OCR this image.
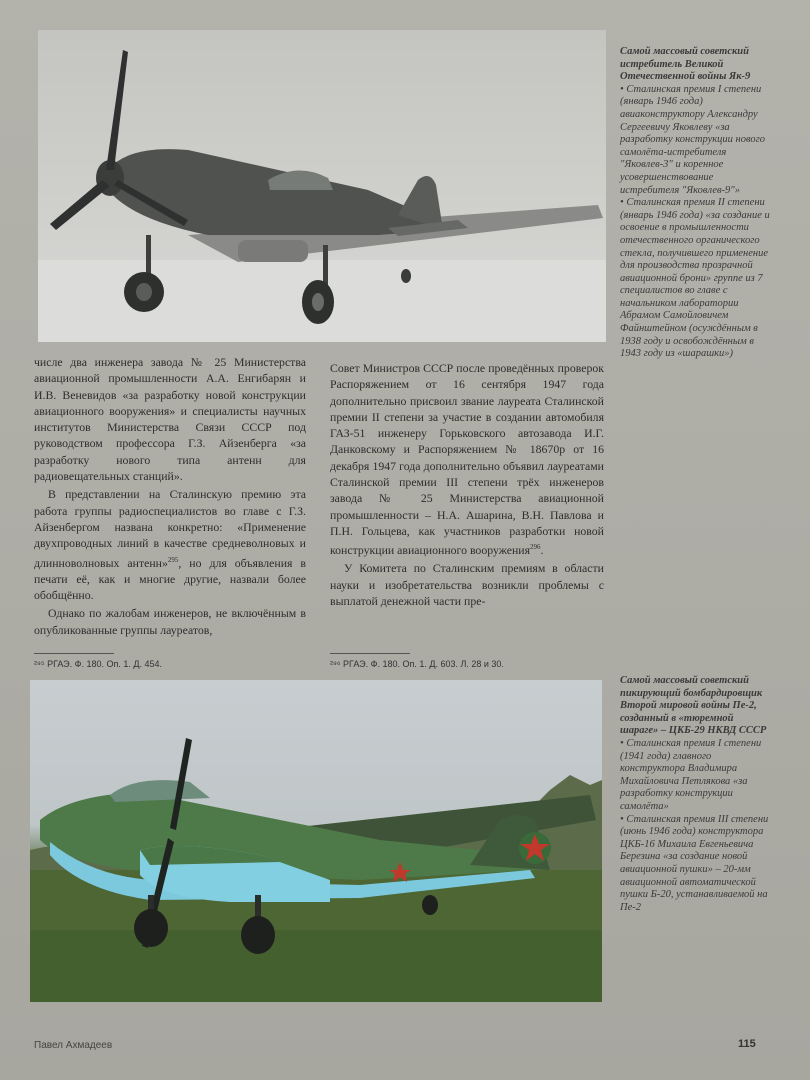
Самой массовый советский истребитель Великой Отечественной войны Як-9
• Сталинская премия I степени (январь 1946 года) авиаконструктору Александру Сергеевичу Яковлеву «за разработку конструкции нового самолёта-истребителя "Яковлев-3" и коренное усовершенствование истребителя "Яковлев-9"»
• Сталинская премия II степени (январь 1946 года) «за создание и освоение в промышленности отечественного органического стекла, получившего применение для производства прозрачной авиационной брони» группе из 7 специалистов во главе с начальником лаборатории Абрамом Самойловичем Файнштейном (осуждённым в 1938 году и освобождённым в 1943 году из «шарашки»)

числе два инженера завода № 25 Министерства авиационной промышленности А.А. Енгибарян и И.В. Веневидов «за разработку новой конструкции авиационного вооружения» и специалисты научных институтов Министерства Связи СССР под руководством профессора Г.З. Айзенберга «за разработку нового типа антенн для радиовещательных станций».

В представлении на Сталинскую премию эта работа группы радиоспециалистов во главе с Г.З. Айзенбергом названа конкретно: «Применение двухпроводных линий в качестве средневолновых и длинноволновых антенн»$^{295}$, но для объявления в печати её, как и многие другие, назвали более обобщённо.

Однако по жалобам инженеров, не включённым в опубликованные группы лауреатов,

Совет Министров СССР после проведённых проверок Распоряжением от 16 сентября 1947 года дополнительно присвоил звание лауреата Сталинской премии II степени за участие в создании автомобиля ГАЗ-51 инженеру Горьковского автозавода И.Г. Данковскому и Распоряжением № 18670р от 16 декабря 1947 года дополнительно объявил лауреатами Сталинской премии III степени трёх инженеров завода № 25 Министерства авиационной промышленности – Н.А. Ашарина, В.Н. Павлова и П.Н. Гольцева, как участников разработки новой конструкции авиационного вооружения$^{296}$.

У Комитета по Сталинским премиям в области науки и изобретательства возникли проблемы с выплатой денежной части пре-

²⁹⁵ РГАЭ. Ф. 180. Оп. 1. Д. 454.	²⁹⁶ РГАЭ. Ф. 180. Оп. 1. Д. 603. Л. 28 и 30.
Самой массовый советский пикирующий бомбардировщик Второй мировой войны Пе-2, созданный в «тюремной шараге» – ЦКБ-29 НКВД СССР
• Сталинская премия I степени (1941 года) главного конструктора Владимира Михайловича Петлякова «за разработку конструкции самолёта»
• Сталинская премия III степени (июнь 1946 года) конструктора ЦКБ-16 Михаила Евгеньевича Березина «за создание новой авиационной пушки» – 20-мм авиационной автоматической пушки Б-20, устанавливаемой на Пе-2
Павел Ахмадеев	115
